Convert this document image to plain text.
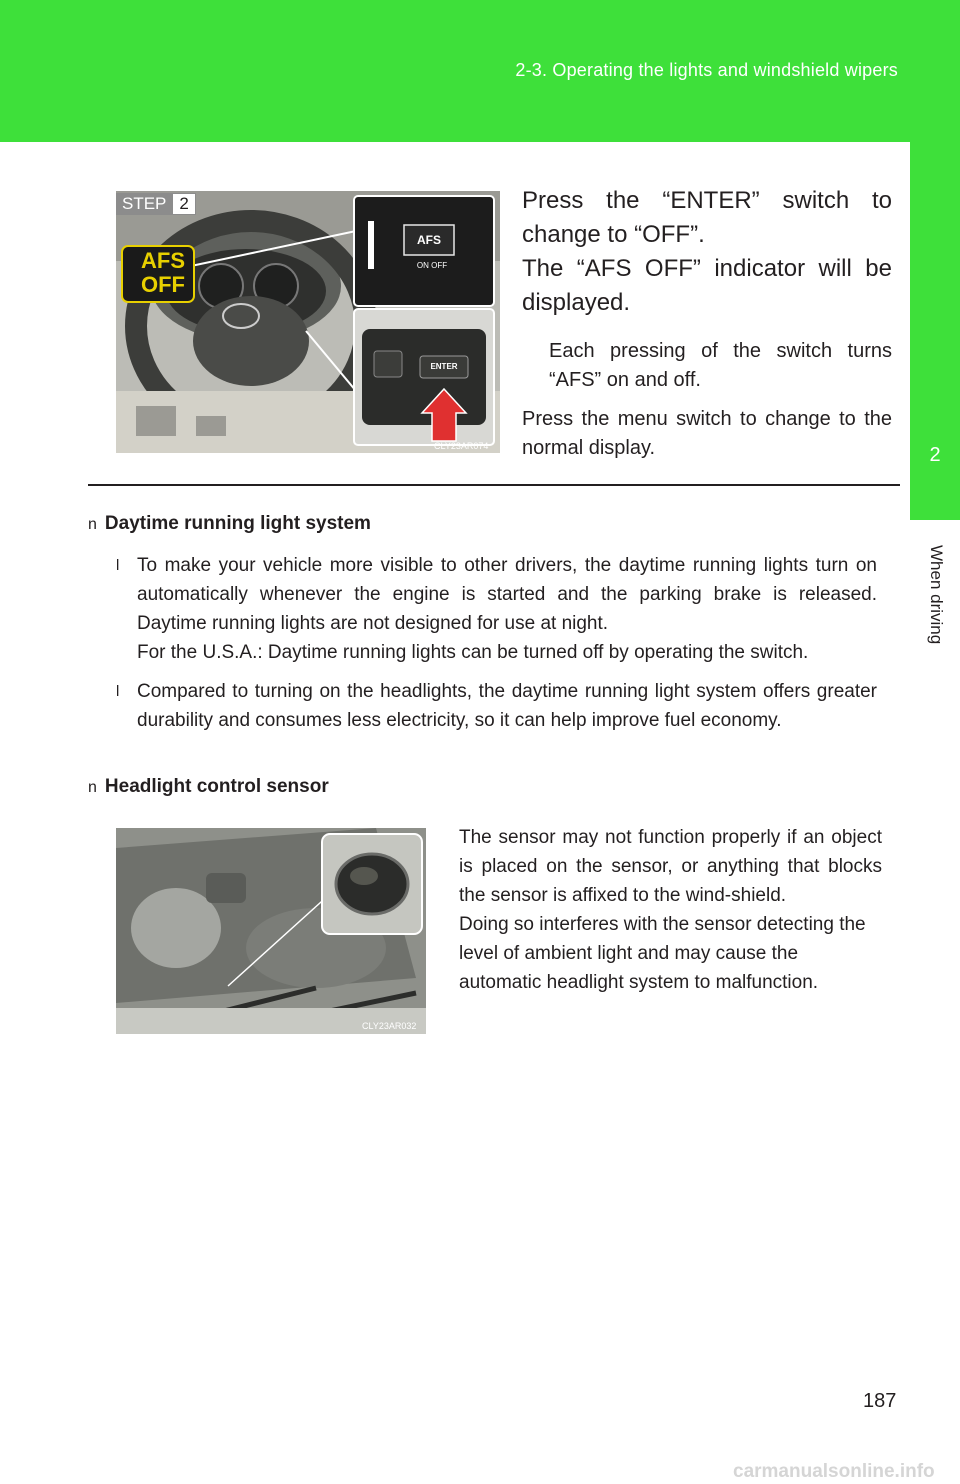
2-3. Operating the lights and windshield wipers
2
When driving
AFS
OFF
AFS
ON OFF
ENTER
CLY23AR074
STEP 2	Press the “ENTER” switch to change to “OFF”.
The “AFS OFF” indicator will be displayed.
Each pressing of the switch turns “AFS” on and off.
Press the menu switch to change to the normal display.
n Daytime running light system
l To make your vehicle more visible to other drivers, the daytime running lights turn on automatically whenever the engine is started and the parking brake is released. Daytime running lights are not designed for use at night.
For the U.S.A.: Daytime running lights can be turned off by operating the switch.
l Compared to turning on the headlights, the daytime running light system offers greater durability and consumes less electricity, so it can help improve fuel economy.
n Headlight control sensor
CLY23AR032
The sensor may not function properly if an object is placed on the sensor, or anything that blocks the sensor is affixed to the wind-shield.
Doing so interferes with the sensor detecting the level of ambient light and may cause the automatic headlight system to malfunction.
187
carmanualsonline.info
